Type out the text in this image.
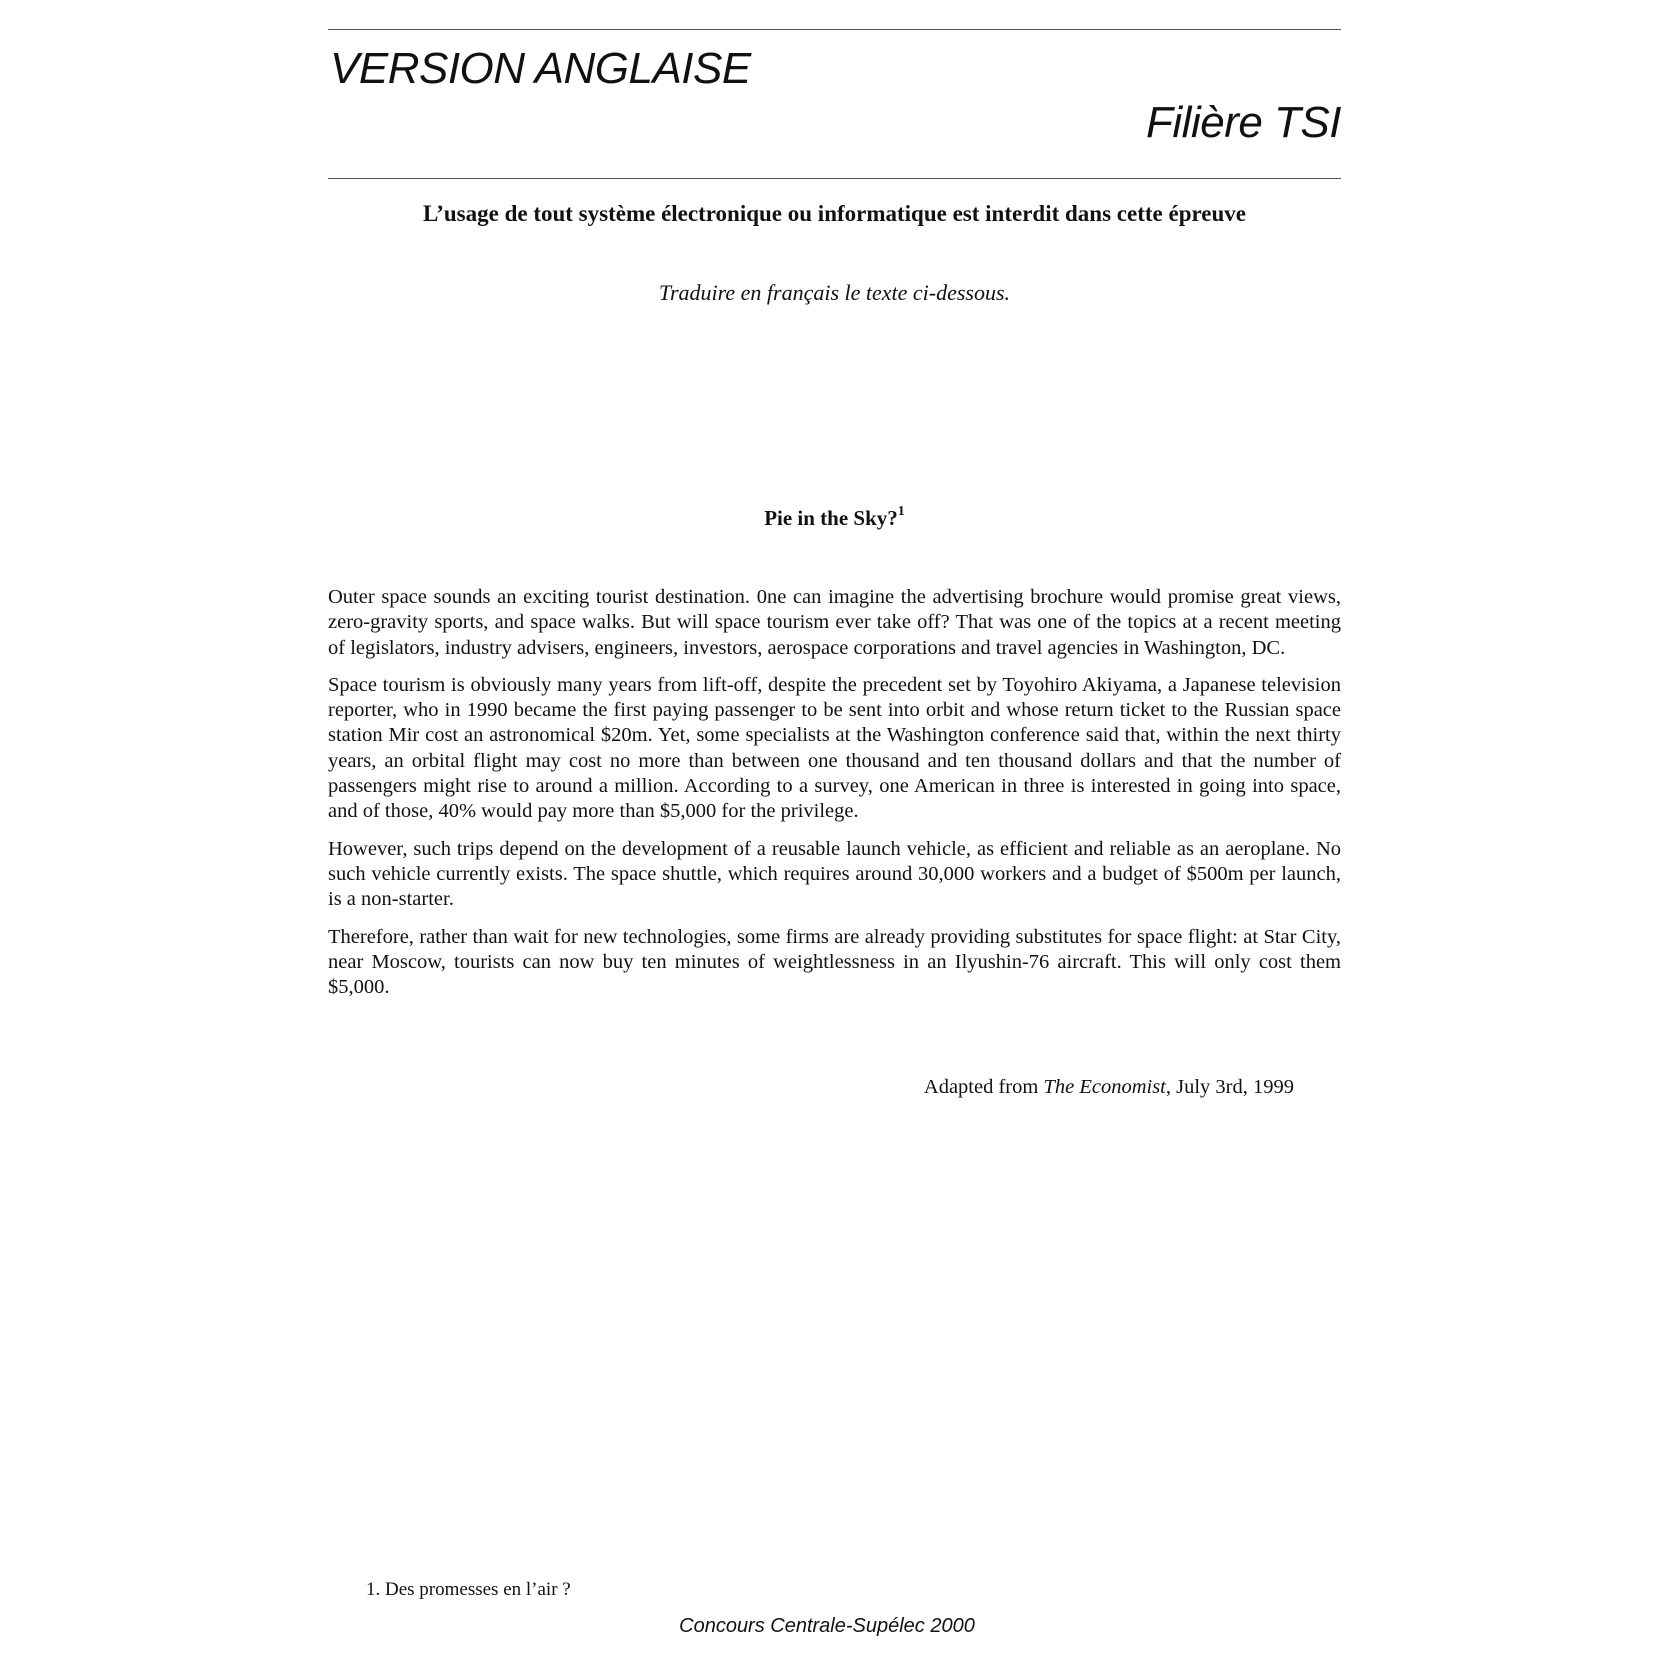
VERSION ANGLAISE
Filière TSI
L’usage de tout système électronique ou informatique est interdit dans cette épreuve
Traduire en français le texte ci-dessous.
Pie in the Sky?$^1$

Outer space sounds an exciting tourist destination. 0ne can imagine the advertising brochure would promise great views, zero-gravity sports, and space walks. But will space tourism ever take off? That was one of the topics at a recent meeting of legislators, industry advisers, engineers, investors, aerospace corporations and travel agencies in Washington, DC.

Space tourism is obviously many years from lift-off, despite the precedent set by Toyohiro Akiyama, a Japanese television reporter, who in 1990 became the first paying passenger to be sent into orbit and whose return ticket to the Russian space station Mir cost an astronomical $20m. Yet, some specialists at the Washington conference said that, within the next thirty years, an orbital flight may cost no more than between one thousand and ten thousand dollars and that the number of passengers might rise to around a million. According to a survey, one American in three is interested in going into space, and of those, 40% would pay more than $5,000 for the privilege.

However, such trips depend on the development of a reusable launch vehicle, as efficient and reliable as an aeroplane. No such vehicle currently exists. The space shuttle, which requires around 30,000 workers and a budget of $500m per launch, is a non-starter.

Therefore, rather than wait for new technologies, some firms are already providing substitutes for space flight: at Star City, near Moscow, tourists can now buy ten minutes of weightlessness in an Ilyushin-76 aircraft. This will only cost them $5,000.

Adapted from The Economist, July 3rd, 1999
1. Des promesses en l’air ?
Concours Centrale-Supélec 2000
